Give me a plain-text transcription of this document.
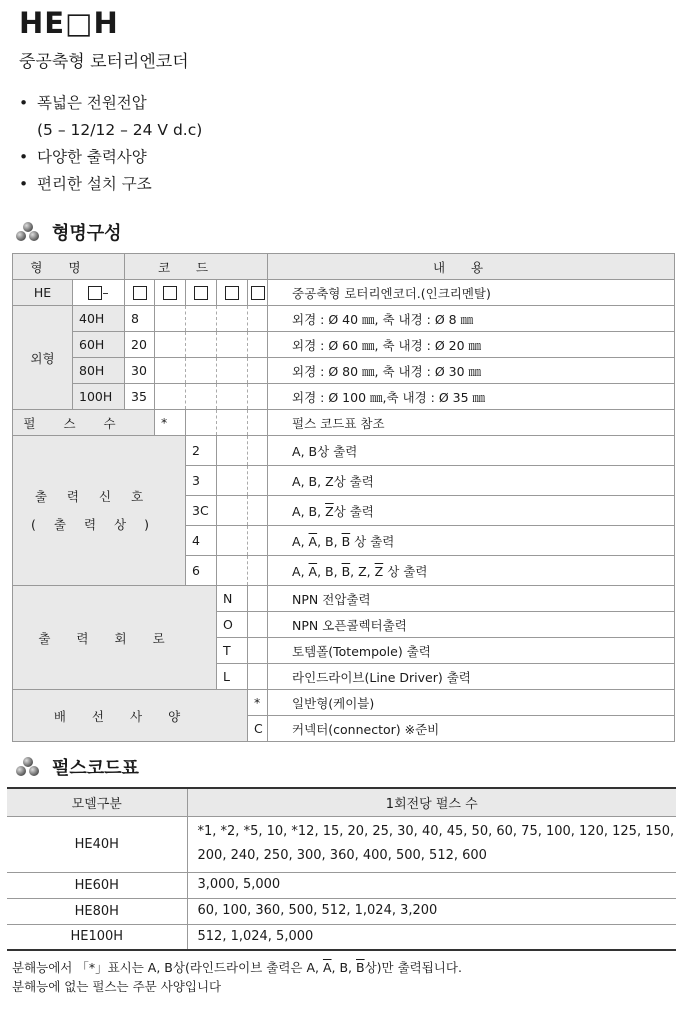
HE□H
중공축형 로터리엔코더
• 폭넓은 전원전압
(5 – 12/12 – 24 V d.c)
• 다양한 출력사양
• 편리한 설치 구조
형명구성
형명		코드					내용
HE	–						중공축형 로터리엔코더.(인크리멘탈)
외형	40H	8					외경 : Ø 40 ㎜, 축 내경 : Ø 8 ㎜
	60H	20					외경 : Ø 60 ㎜, 축 내경 : Ø 20 ㎜
	80H	30					외경 : Ø 80 ㎜, 축 내경 : Ø 30 ㎜
	100H	35					외경 : Ø 100 ㎜,축 내경 : Ø 35 ㎜
펄스수			*				펄스 코드표 참조

출력신호
(출력상)				2			A, B상 출력
				3			A, B, Z상 출력
				3C			A, B, $\overline{Z}$상 출력
				4			A, $\overline{A}$, B, $\overline{B}$ 상 출력
				6			A, $\overline{A}$, B, $\overline{B}$, Z, $\overline{Z}$ 상 출력
출력회로					N		NPN 전압출력
					O		NPN 오픈콜렉터출력
					T		토템폴(Totempole) 출력
					L		라인드라이브(Line Driver) 출력
배선사양						*	일반형(케이블)
						C	커넥터(connector) ※준비
펄스코드표
모델구분	1회전당 펄스 수
HE40H	*1, *2, *5, 10, *12, 15, 20, 25, 30, 40, 45, 50, 60, 75, 100, 120, 125, 150,
200, 240, 250, 300, 360, 400, 500, 512, 600

HE60H	3,000, 5,000
HE80H	60, 100, 360, 500, 512, 1,024, 3,200
HE100H	512, 1,024, 5,000
분해능에서 「*」표시는 A, B상(라인드라이브 출력은 A, $\overline{A}$, B, $\overline{B}$상)만 출력됩니다.
분해능에 없는 펄스는 주문 사양입니다
